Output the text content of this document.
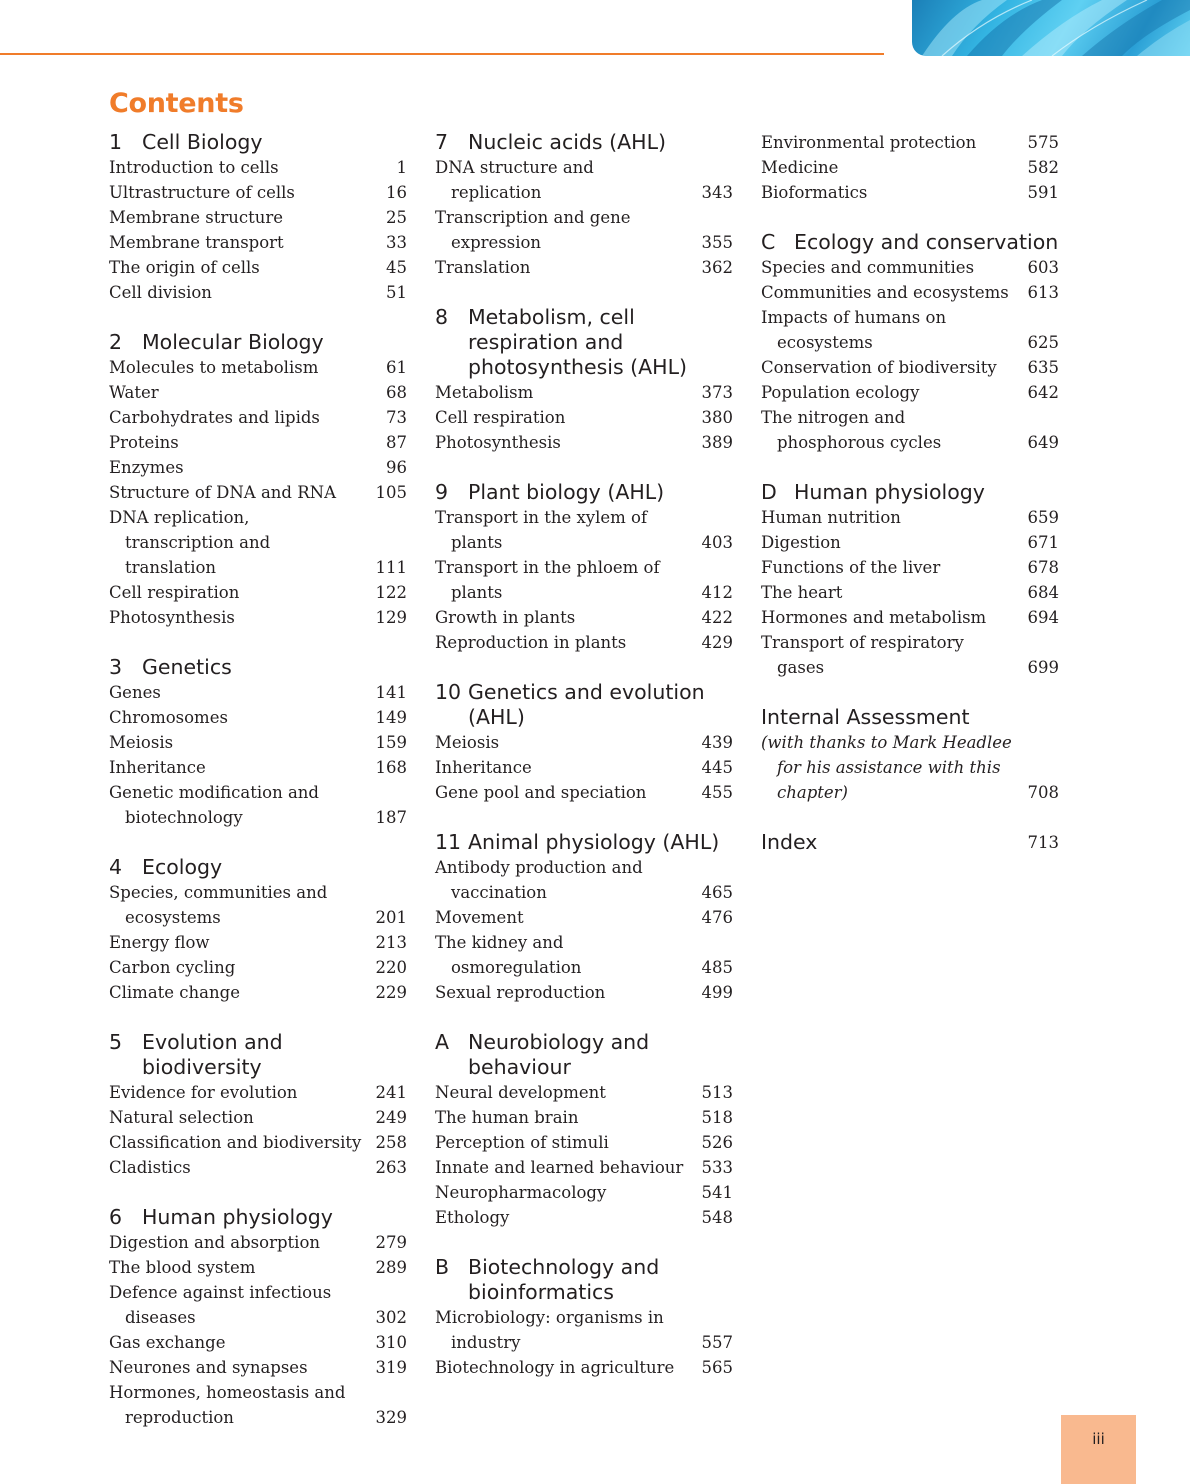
Contents
1 Cell Biology
Introduction to cells	1
Ultrastructure of cells	16
Membrane structure	25
Membrane transport	33
The origin of cells	45
Cell division	51
2 Molecular Biology
Molecules to metabolism	61
Water	68
Carbohydrates and lipids	73
Proteins	87
Enzymes	96
Structure of DNA and RNA	105
DNA replication, transcription and translation	111
Cell respiration	122
Photosynthesis	129
3 Genetics
Genes	141
Chromosomes	149
Meiosis	159
Inheritance	168
Genetic modification and biotechnology	187
4 Ecology
Species, communities and ecosystems	201
Energy flow	213
Carbon cycling	220
Climate change	229
5 Evolution and biodiversity
Evidence for evolution	241
Natural selection	249
Classification and biodiversity 258
Cladistics	263
6 Human physiology
Digestion and absorption	279
The blood system	289
Defence against infectious diseases	302
Gas exchange	310
Neurones and synapses	319
Hormones, homeostasis and reproduction	329
7 Nucleic acids (AHL)
DNA structure and replication	343
Transcription and gene expression	355
Translation	362
8 Metabolism, cell respiration and photosynthesis (AHL)
Metabolism	373
Cell respiration	380
Photosynthesis	389
9 Plant biology (AHL)
Transport in the xylem of plants	403
Transport in the phloem of plants	412
Growth in plants	422
Reproduction in plants	429
10 Genetics and evolution (AHL)
Meiosis	439
Inheritance	445
Gene pool and speciation	455
11 Animal physiology (AHL)
Antibody production and vaccination	465
Movement	476
The kidney and osmoregulation	485
Sexual reproduction	499
A Neurobiology and behaviour
Neural development	513
The human brain	518
Perception of stimuli	526
Innate and learned behaviour	533
Neuropharmacology	541
Ethology	548
B Biotechnology and bioinformatics
Microbiology: organisms in industry	557
Biotechnology in agriculture	565
Environmental protection	575
Medicine	582
Bioformatics	591
C Ecology and conservation
Species and communities	603
Communities and ecosystems	613
Impacts of humans on ecosystems	625
Conservation of biodiversity	635
Population ecology	642
The nitrogen and phosphorous cycles	649
D Human physiology
Human nutrition	659
Digestion	671
Functions of the liver	678
The heart	684
Hormones and metabolism	694
Transport of respiratory gases	699
Internal Assessment
(with thanks to Mark Headlee for his assistance with this chapter)	708
Index	713
iii
